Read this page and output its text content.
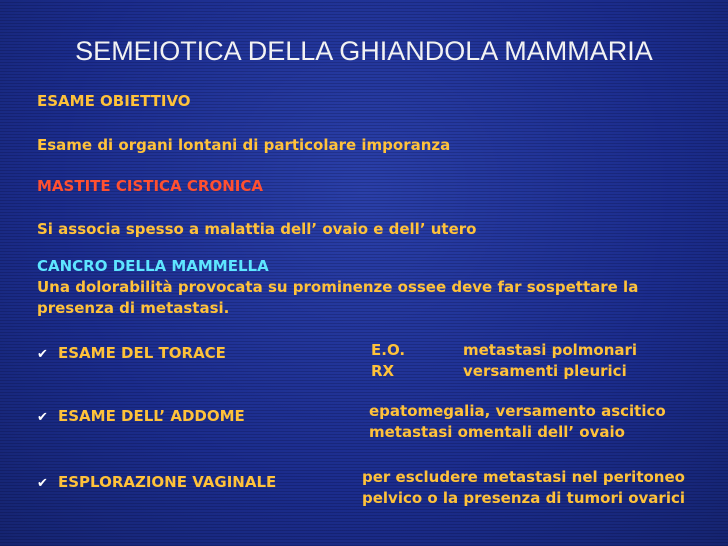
SEMEIOTICA DELLA GHIANDOLA MAMMARIA
ESAME OBIETTIVO
Esame di organi lontani di particolare imporanza
MASTITE CISTICA CRONICA
Si associa spesso a malattia dell’ ovaio e dell’ utero
CANCRO DELLA MAMMELLA
Una dolorabilità provocata su prominenze ossee deve far sospettare la
presenza di metastasi.
✔ ESAME DEL TORACE	E.O.	metastasi polmonari
RX	versamenti pleurici
✔ ESAME DELL’ ADDOME	epatomegalia, versamento ascitico
metastasi omentali dell’ ovaio
✔ ESPLORAZIONE VAGINALE	per escludere metastasi nel peritoneo
pelvico o la presenza di tumori ovarici
